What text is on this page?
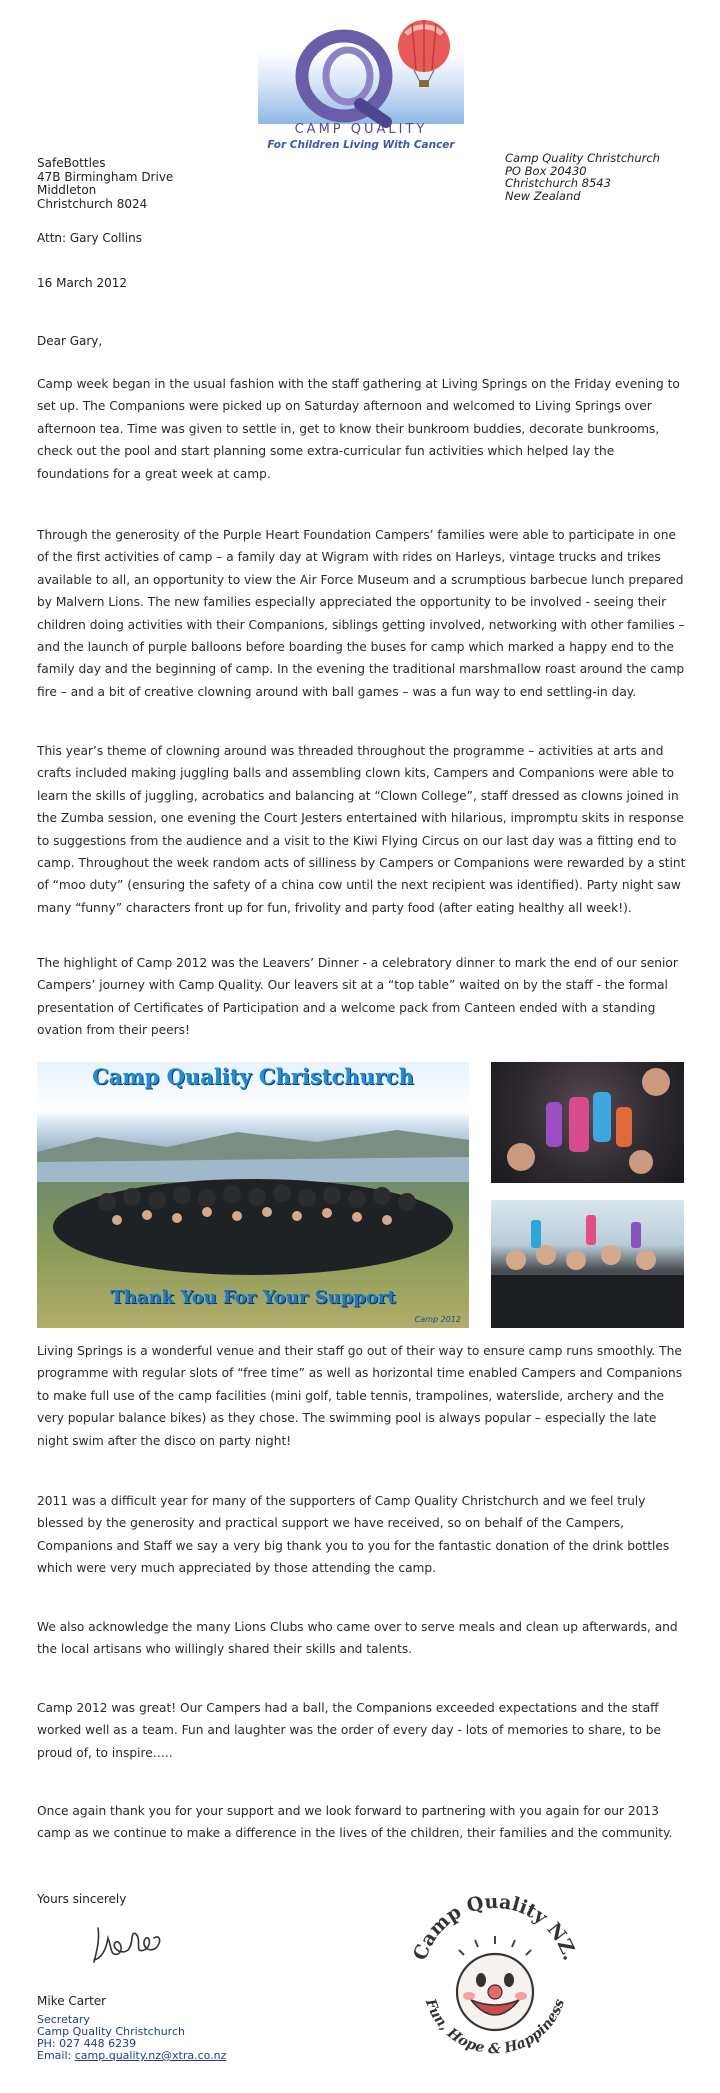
CAMP QUALITY
For Children Living With Cancer
SafeBottles
47B Birmingham Drive
Middleton
Christchurch 8024
Camp Quality Christchurch
PO Box 20430
Christchurch 8543
New Zealand
Attn: Gary Collins
16 March 2012
Dear Gary,

Camp week began in the usual fashion with the staff gathering at Living Springs on the Friday evening to set up. The Companions were picked up on Saturday afternoon and welcomed to Living Springs over afternoon tea. Time was given to settle in, get to know their bunkroom buddies, decorate bunkrooms, check out the pool and start planning some extra-curricular fun activities which helped lay the foundations for a great week at camp.

Through the generosity of the Purple Heart Foundation Campers’ families were able to participate in one of the first activities of camp – a family day at Wigram with rides on Harleys, vintage trucks and trikes available to all, an opportunity to view the Air Force Museum and a scrumptious barbecue lunch prepared by Malvern Lions. The new families especially appreciated the opportunity to be involved - seeing their children doing activities with their Companions, siblings getting involved, networking with other families – and the launch of purple balloons before boarding the buses for camp which marked a happy end to the family day and the beginning of camp. In the evening the traditional marshmallow roast around the camp fire – and a bit of creative clowning around with ball games – was a fun way to end settling-in day.

This year’s theme of clowning around was threaded throughout the programme – activities at arts and crafts included making juggling balls and assembling clown kits, Campers and Companions were able to learn the skills of juggling, acrobatics and balancing at “Clown College”, staff dressed as clowns joined in the Zumba session, one evening the Court Jesters entertained with hilarious, impromptu skits in response to suggestions from the audience and a visit to the Kiwi Flying Circus on our last day was a fitting end to camp. Throughout the week random acts of silliness by Campers or Companions were rewarded by a stint of “moo duty” (ensuring the safety of a china cow until the next recipient was identified). Party night saw many “funny” characters front up for fun, frivolity and party food (after eating healthy all week!).

The highlight of Camp 2012 was the Leavers’ Dinner - a celebratory dinner to mark the end of our senior Campers’ journey with Camp Quality. Our leavers sit at a “top table” waited on by the staff - the formal presentation of Certificates of Participation and a welcome pack from Canteen ended with a standing ovation from their peers!

Camp Quality Christchurch
Thank You For Your Support
Camp 2012

Living Springs is a wonderful venue and their staff go out of their way to ensure camp runs smoothly. The programme with regular slots of “free time” as well as horizontal time enabled Campers and Companions to make full use of the camp facilities (mini golf, table tennis, trampolines, waterslide, archery and the very popular balance bikes) as they chose. The swimming pool is always popular – especially the late night swim after the disco on party night!

2011 was a difficult year for many of the supporters of Camp Quality Christchurch and we feel truly blessed by the generosity and practical support we have received, so on behalf of the Campers, Companions and Staff we say a very big thank you to you for the fantastic donation of the drink bottles which were very much appreciated by those attending the camp.

We also acknowledge the many Lions Clubs who came over to serve meals and clean up afterwards, and the local artisans who willingly shared their skills and talents.

Camp 2012 was great! Our Campers had a ball, the Companions exceeded expectations and the staff worked well as a team. Fun and laughter was the order of every day - lots of memories to share, to be proud of, to inspire…..

Once again thank you for your support and we look forward to partnering with you again for our 2013 camp as we continue to make a difference in the lives of the children, their families and the community.

Yours sincerely
Mike Carter
Secretary
Camp Quality Christchurch
PH: 027 448 6239
Email: camp.quality.nz@xtra.co.nz
Camp Quality NZ.
Fun, Hope & Happiness
